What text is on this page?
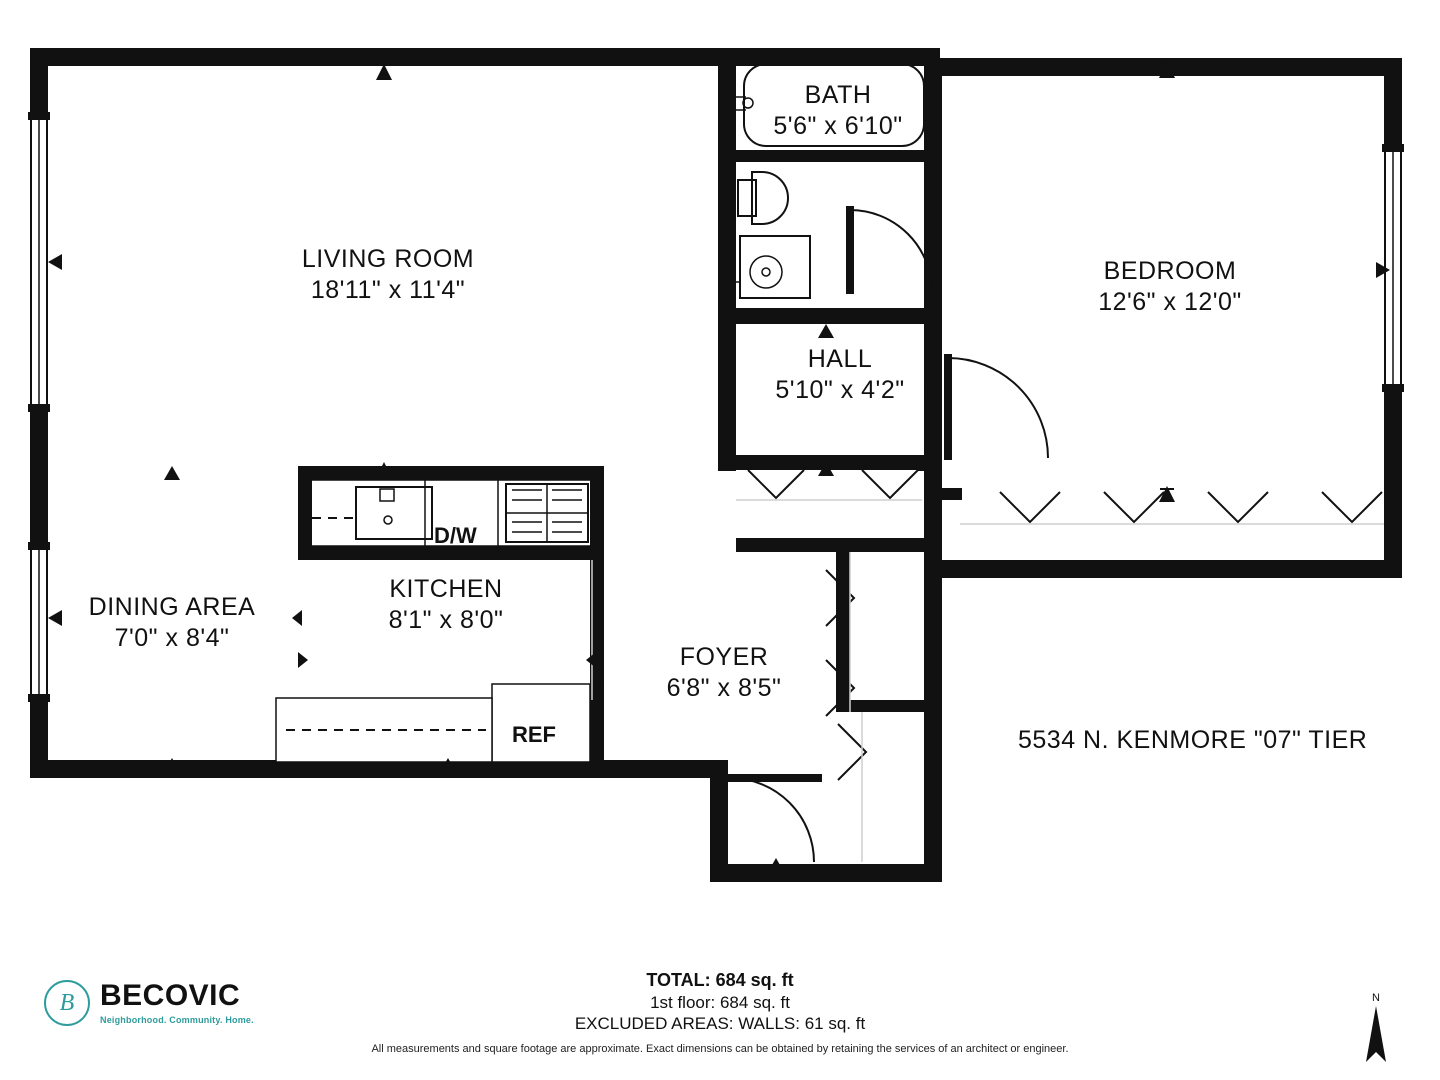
LIVING ROOM
18'11" x 11'4"
BATH
5'6" x 6'10"
BEDROOM
12'6" x 12'0"
HALL
5'10" x 4'2"
KITCHEN
8'1" x 8'0"
DINING AREA
7'0" x 8'4"
FOYER
6'8" x 8'5"
D/W
REF	5534 N. KENMORE "07" TIER
TOTAL: 684 sq. ft
1st floor: 684 sq. ft
EXCLUDED AREAS: WALLS: 61 sq. ft
All measurements and square footage are approximate. Exact dimensions can be obtained by retaining the services of an architect or engineer.
B BECOVIC
Neighborhood. Community. Home.
N
